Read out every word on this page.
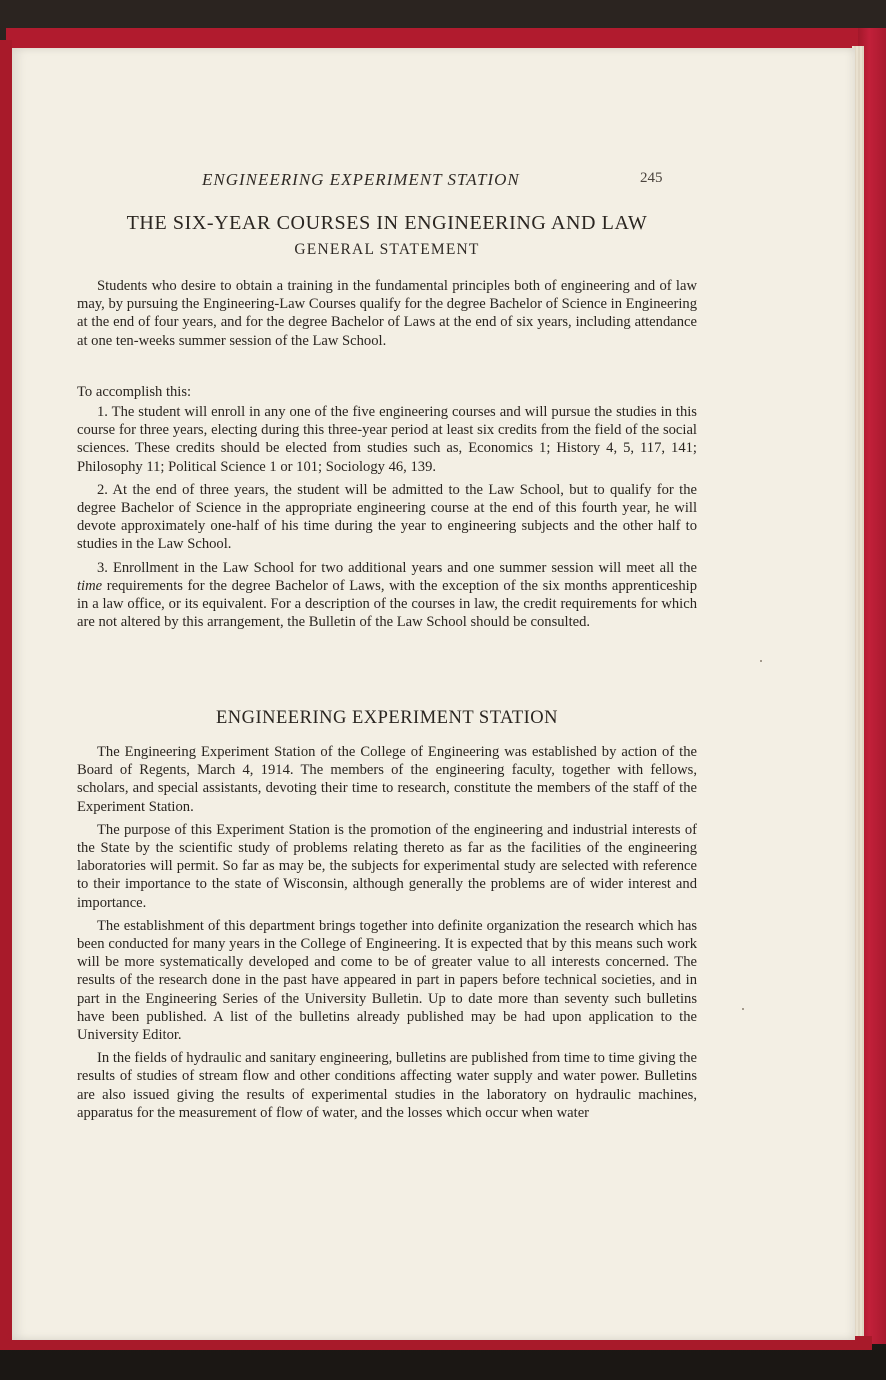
ENGINEERING EXPERIMENT STATION	245
THE SIX-YEAR COURSES IN ENGINEERING AND LAW
GENERAL STATEMENT

Students who desire to obtain a training in the fundamental principles both of engineering and of law may, by pursuing the Engineering-Law Courses qualify for the degree Bachelor of Science in Engineering at the end of four years, and for the degree Bachelor of Laws at the end of six years, including attendance at one ten-weeks summer session of the Law School.

To accomplish this:

1. The student will enroll in any one of the five engineering courses and will pursue the studies in this course for three years, electing during this three-year period at least six credits from the field of the social sciences. These credits should be elected from studies such as, Economics 1; History 4, 5, 117, 141; Philosophy 11; Political Science 1 or 101; Sociology 46, 139.

2. At the end of three years, the student will be admitted to the Law School, but to qualify for the degree Bachelor of Science in the appropriate engineering course at the end of this fourth year, he will devote approximately one-half of his time during the year to engineering subjects and the other half to studies in the Law School.

3. Enrollment in the Law School for two additional years and one summer session will meet all the time requirements for the degree Bachelor of Laws, with the exception of the six months apprenticeship in a law office, or its equivalent. For a description of the courses in law, the credit requirements for which are not altered by this arrangement, the Bulletin of the Law School should be consulted.

ENGINEERING EXPERIMENT STATION

The Engineering Experiment Station of the College of Engineering was established by action of the Board of Regents, March 4, 1914. The members of the engineering faculty, together with fellows, scholars, and special assistants, devoting their time to research, constitute the members of the staff of the Experiment Station.

The purpose of this Experiment Station is the promotion of the engineering and industrial interests of the State by the scientific study of problems relating thereto as far as the facilities of the engineering laboratories will permit. So far as may be, the subjects for experimental study are selected with reference to their importance to the state of Wisconsin, although generally the problems are of wider interest and importance.

The establishment of this department brings together into definite organization the research which has been conducted for many years in the College of Engineering. It is expected that by this means such work will be more systematically developed and come to be of greater value to all interests concerned. The results of the research done in the past have appeared in part in papers before technical societies, and in part in the Engineering Series of the University Bulletin. Up to date more than seventy such bulletins have been published. A list of the bulletins already published may be had upon application to the University Editor.

In the fields of hydraulic and sanitary engineering, bulletins are published from time to time giving the results of studies of stream flow and other conditions affecting water supply and water power. Bulletins are also issued giving the results of experimental studies in the laboratory on hydraulic machines, apparatus for the measurement of flow of water, and the losses which occur when water
